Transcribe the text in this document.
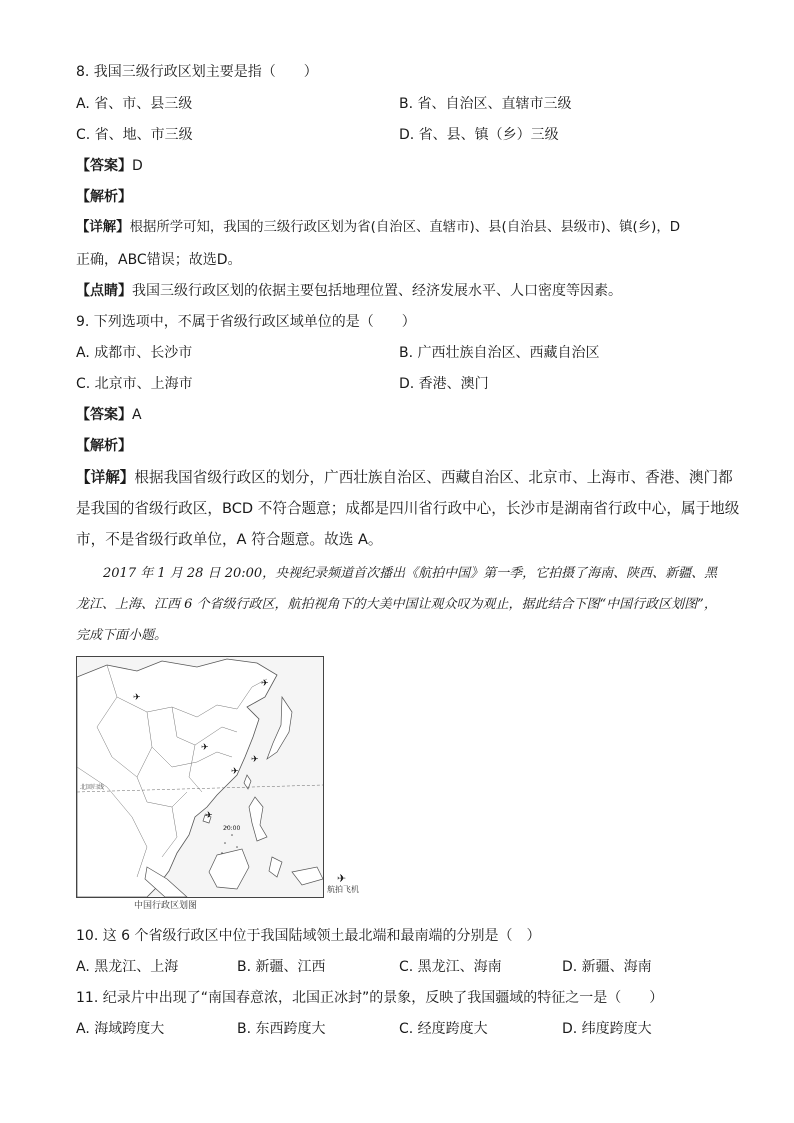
8. 我国三级行政区划主要是指（　　）
A. 省、市、县三级	B. 省、自治区、直辖市三级
C. 省、地、市三级	D. 省、县、镇（乡）三级
【答案】D
【解析】
【详解】根据所学可知，我国的三级行政区划为省(自治区、直辖市)、县(自治县、县级市)、镇(乡)，D
正确，ABC错误；故选D。
【点睛】我国三级行政区划的依据主要包括地理位置、经济发展水平、人口密度等因素。
9. 下列选项中，不属于省级行政区域单位的是（　　）
A. 成都市、长沙市	B. 广西壮族自治区、西藏自治区
C. 北京市、上海市	D. 香港、澳门
【答案】A
【解析】
【详解】根据我国省级行政区的划分，广西壮族自治区、西藏自治区、北京市、上海市、香港、澳门都
是我国的省级行政区，BCD 不符合题意；成都是四川省行政中心，长沙市是湖南省行政中心，属于地级
市，不是省级行政单位，A 符合题意。故选 A。
2017 年 1 月 28 日 20:00，央视纪录频道首次播出《航拍中国》第一季，它拍摄了海南、陕西、新疆、黑龙江、上海、江西 6 个省级行政区，航拍视角下的大美中国让观众叹为观止，据此结合下图“中国行政区划图”，完成下面小题。
北回归线
20:00
✈
✈
✈
✈
✈
✈
中国行政区划图
✈
航拍飞机
10. 这 6 个省级行政区中位于我国陆域领土最北端和最南端的分别是（　）
A. 黑龙江、上海	B. 新疆、江西	C. 黑龙江、海南	D. 新疆、海南
11. 纪录片中出现了“南国春意浓，北国正冰封”的景象，反映了我国疆域的特征之一是（　　）
A. 海域跨度大	B. 东西跨度大	C. 经度跨度大	D. 纬度跨度大
